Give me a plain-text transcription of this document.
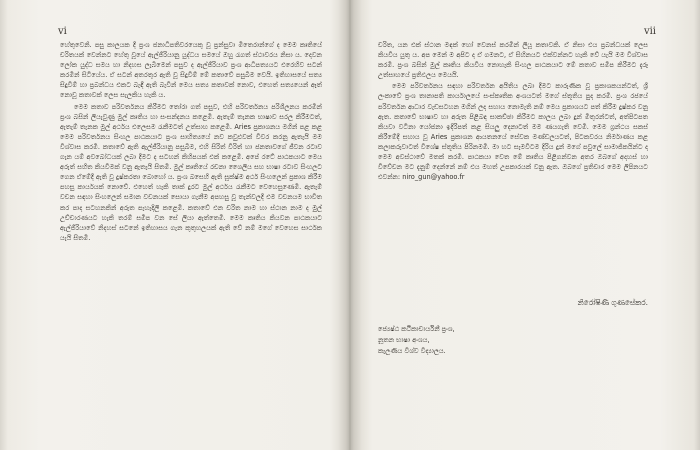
vi

හේතුවෙනි. පසු කාලයක දී ප්‍රංශ ජනාධිපතිවරයෙකු වූ ප්‍රන්සුවා මිතෙරාන්ගේ ද මෙම කෘතියේ චරිතයක් වෙන්නට හේතු වූයේ ඇල්ජීරියානු යුද්ධය සමයේ ඔහු රැගත් ස්ථාවරය නිසා ය. දෙවන ලෝක යුද්ධ සමය හා නිදහස ලැබීමෙන් පසුව ද ඇල්ජීරියාව ප්‍රංශ ආධිපත්‍යයට එරෙහිව සටන් කරමින් සිටියේය. ඒ සටන් අතරතුර ඇති වූ සිදුවීම් මේ කතාවේ පසුබිම වෙයි. ඉතිහාසයේ සත්‍ය සිදුවීම් හා ප්‍රබන්ධය එකට බැඳී ඇති බැවින් මෙය සත්‍ය කතාවක් නොව, එහෙත් සත්‍යයෙන් ඈත් නොවූ කතාවක් ලෙස සැලකිය හැකි ය.

මෙම කතාව පරිවර්තනය කිරීමට තෝරා ගත් පසුව, එහි පරිවර්තනය පරිශීලනය කරමින් ප්‍රංශ බසින් ලියැවුණු මුල් කෘතිය හා සංසන්දනය කළෙමි. ඇතැම් තැනක භාෂාව සරල කිරීමටත්, ඇතැම් තැනක මුල් අර්ථය එලෙසම රැකීමටත් උත්සාහ කළෙමි. Aries ප්‍රකාශනය මගින් පළ කළ මෙම පරිවර්තනය සිංහල පාඨකයාට ප්‍රංශ සාහිත්‍යයේ නව කවුළුවක් විවර කරනු ඇතැයි මම විශ්වාස කරමි. කතාවේ ඇති ඇල්ජීරියානු පසුබිම, එහි සිරිත් විරිත් හා ජනතාවගේ ජීවන රටාව ගැන යම් අවබෝධයක් ලබා දීමට ද සටහන් කිහිපයක් එක් කළෙමි. අපේ රටේ පාඨකයාට මෙය අරුත් සහිත කියවීමක් වනු ඇතැයි සිතමි. මුල් කෘතියේ රචනා ශෛලිය සහ භාෂා රටාව සිංහලට ගෙන ඒමේදී ඇති වූ දුෂ්කරතා බොහෝ ය. ප්‍රංශ බසෙහි ඇති සූක්ෂ්ම අර්ථ සිංහලෙන් ප්‍රකාශ කිරීම පහසු කාර්යයක් නොවේ. එහෙත් හැකි තාක් දුරට මුල් අර්ථය රැකීමට වෙහෙසුණෙමි. ඇතැම් වචන සඳහා සිංහලෙන් සමාන වචනයක් සොයා ගැනීම අපහසු වූ තැන්වලදී එම වචනයම භාවිත කර පාද සටහනකින් අරුත පැහැදිලි කළෙමි. කතාවේ එන චරිත නාම හා ස්ථාන නාම ද මුල් උච්චාරණයට හැකි තරම් සමීප වන සේ ලියා ඇත්තෙමි. මෙම කෘතිය කියවන පාඨකයාට ඇල්ජීරියාවේ නිදහස් සටනේ ඉතිහාසය ගැන කුතුහලයක් ඇති වේ නම් මගේ වෙහෙස සාර්ථක යැයි සිතමි.

vii

චරිත, යන එක් ස්ථාන මඳක් හෝ වෙනස් කරමින් ලියූ කතාවකි. ඒ නිසා එය ප්‍රබන්ධයක් ලෙස කියවිය යුතු ය. අප මෙන් ම අපිට ද ඒ ගමනට, ඒ සිහිනයට එක්වන්නට හැකි වේ යැයි මම විශ්වාස කරමි. ප්‍රංශ බසින් මුල් කෘතිය කියවිය නොහැකි සිංහල පාඨකයාට මේ කතාව සමීප කිරීමට දැරූ උත්සාහයේ ප්‍රතිඵලය මෙයයි.

මෙම පරිවර්තනය සඳහා පරිවර්තන අයිතිය ලබා දීමට කාරුණික වූ ප්‍රකාශකයන්ටත්, ශ්‍රී ලංකාවේ ප්‍රංශ තානාපති කාර්යාලයේ සංස්කෘතික අංශයටත් මගේ ස්තූතිය පුද කරමි. ප්‍රංශ රජයේ පරිවර්තන ආධාර වැඩසටහන මගින් ලද සහාය නොමැති නම් මෙය ප්‍රකාශයට පත් කිරීම දුෂ්කර වනු ඇත. කතාවේ භාෂාව හා අරුත පිළිබඳ සාකච්ඡා කිරීමට කාලය ලබා දුන් මිතුරන්ටත්, අත්පිටපත කියවා වටිනා යෝජනා ඉදිරිපත් කළ සියලු දෙනාටත් මම ණයගැති වෙමි. මෙම ග්‍රන්ථය සකස් කිරීමේදී සහාය වූ Aries ප්‍රකාශන ආයතනයේ සේවක මණ්ඩලයටත්, පිටකවරය නිර්මාණය කළ කලාකරුවාටත් විශේෂ ස්තූතිය පිරිනමමි. මා හට සැමවිටම දිරිය දුන් මගේ පවුලේ සාමාජිකයින්ට ද මෙම අවස්ථාවේ මතක් කරමි. පාඨකයා වෙත මේ කෘතිය පිළිගන්වන අතර ඔබගේ අදහස් හා විවේචන මට දැනුම් දෙන්නේ නම් එය මහත් උපකාරයක් වනු ඇත. ඔබගේ ප්‍රතිචාර මෙම ලිපිනයට එවන්න: niro_gun@yahoo.fr

නිරෝෂිණී ගුණසේකර.
ජ්‍යෙෂ්ඨ කථිකාචාර්යිනී ප්‍රංශ,
නූතන භාෂා අංශය,
කැලණිය විශ්ව විද්‍යාලය.
